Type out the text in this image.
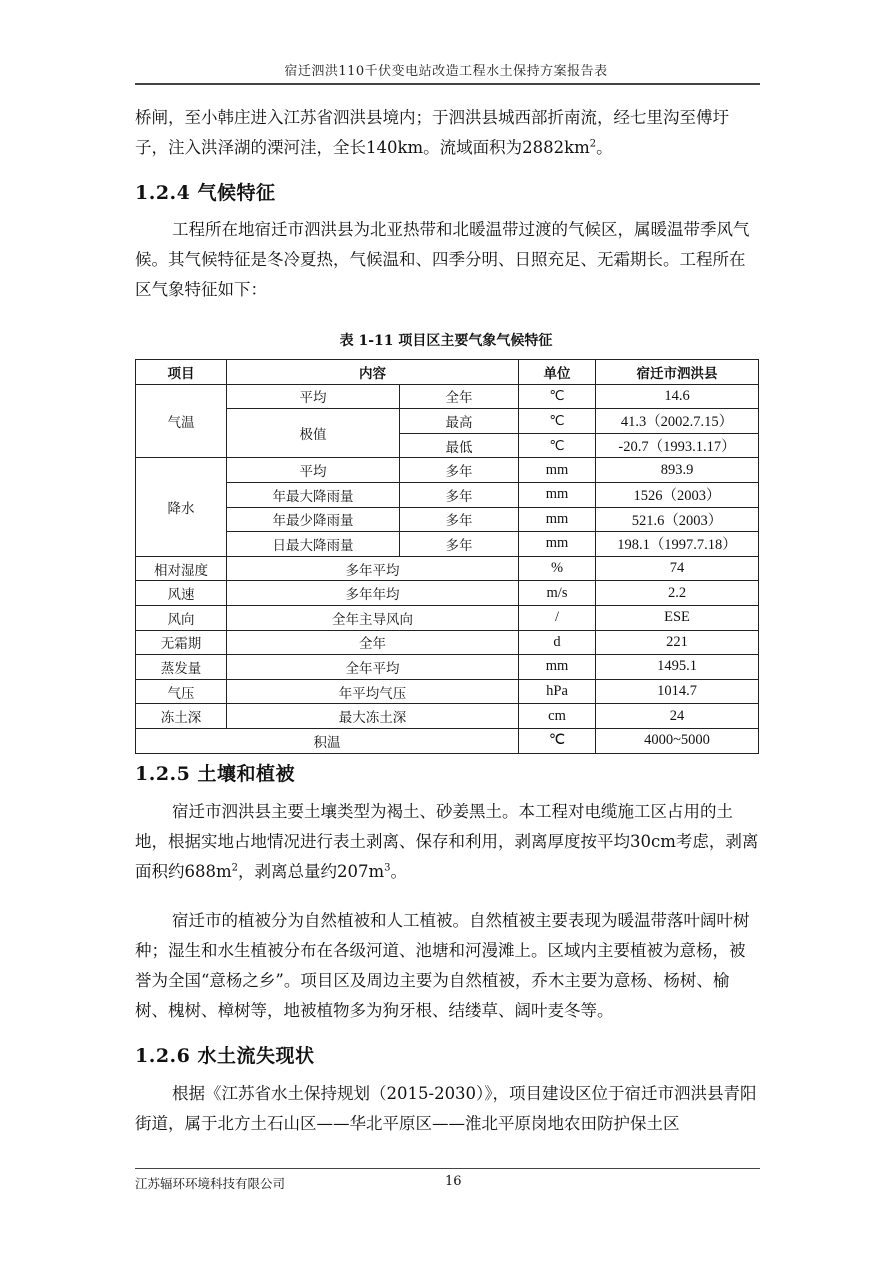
宿迁泗洪110千伏变电站改造工程水土保持方案报告表
桥闸，至小韩庄进入江苏省泗洪县境内；于泗洪县城西部折南流，经七里沟至傅圩子，注入洪泽湖的溧河洼，全长140km。流域面积为$2882km^2$。
1.2.4 气候特征
工程所在地宿迁市泗洪县为北亚热带和北暖温带过渡的气候区，属暖温带季风气候。其气候特征是冬冷夏热，气候温和、四季分明、日照充足、无霜期长。工程所在区气象特征如下：
表 1-11 项目区主要气象气候特征
项目	内容		单位	宿迁市泗洪县
气温	平均	全年	℃	14.6
	极值	最高	℃	41.3（2002.7.15）
		最低	℃	-20.7（1993.1.17）
降水	平均	多年	mm	893.9
	年最大降雨量	多年	mm	1526（2003）
	年最少降雨量	多年	mm	521.6（2003）
	日最大降雨量	多年	mm	198.1（1997.7.18）
相对湿度	多年平均		%	74
风速	多年年均		m/s	2.2
风向	全年主导风向		/	ESE
无霜期	全年		d	221
蒸发量	全年平均		mm	1495.1
气压	年平均气压		hPa	1014.7
冻土深	最大冻土深		cm	24
积温			℃	4000~5000
1.2.5 土壤和植被
宿迁市泗洪县主要土壤类型为褐土、砂姜黑土。本工程对电缆施工区占用的土地，根据实地占地情况进行表土剥离、保存和利用，剥离厚度按平均30cm考虑，剥离面积约$688m^2$，剥离总量约$207m^3$。
宿迁市的植被分为自然植被和人工植被。自然植被主要表现为暖温带落叶阔叶树种；湿生和水生植被分布在各级河道、池塘和河漫滩上。区域内主要植被为意杨，被誉为全国“意杨之乡”。项目区及周边主要为自然植被，乔木主要为意杨、杨树、榆树、槐树、樟树等，地被植物多为狗牙根、结缕草、阔叶麦冬等。
1.2.6 水土流失现状
根据《江苏省水土保持规划（2015-2030）》，项目建设区位于宿迁市泗洪县青阳街道，属于北方土石山区——华北平原区——淮北平原岗地农田防护保土区
江苏辐环环境科技有限公司	16
